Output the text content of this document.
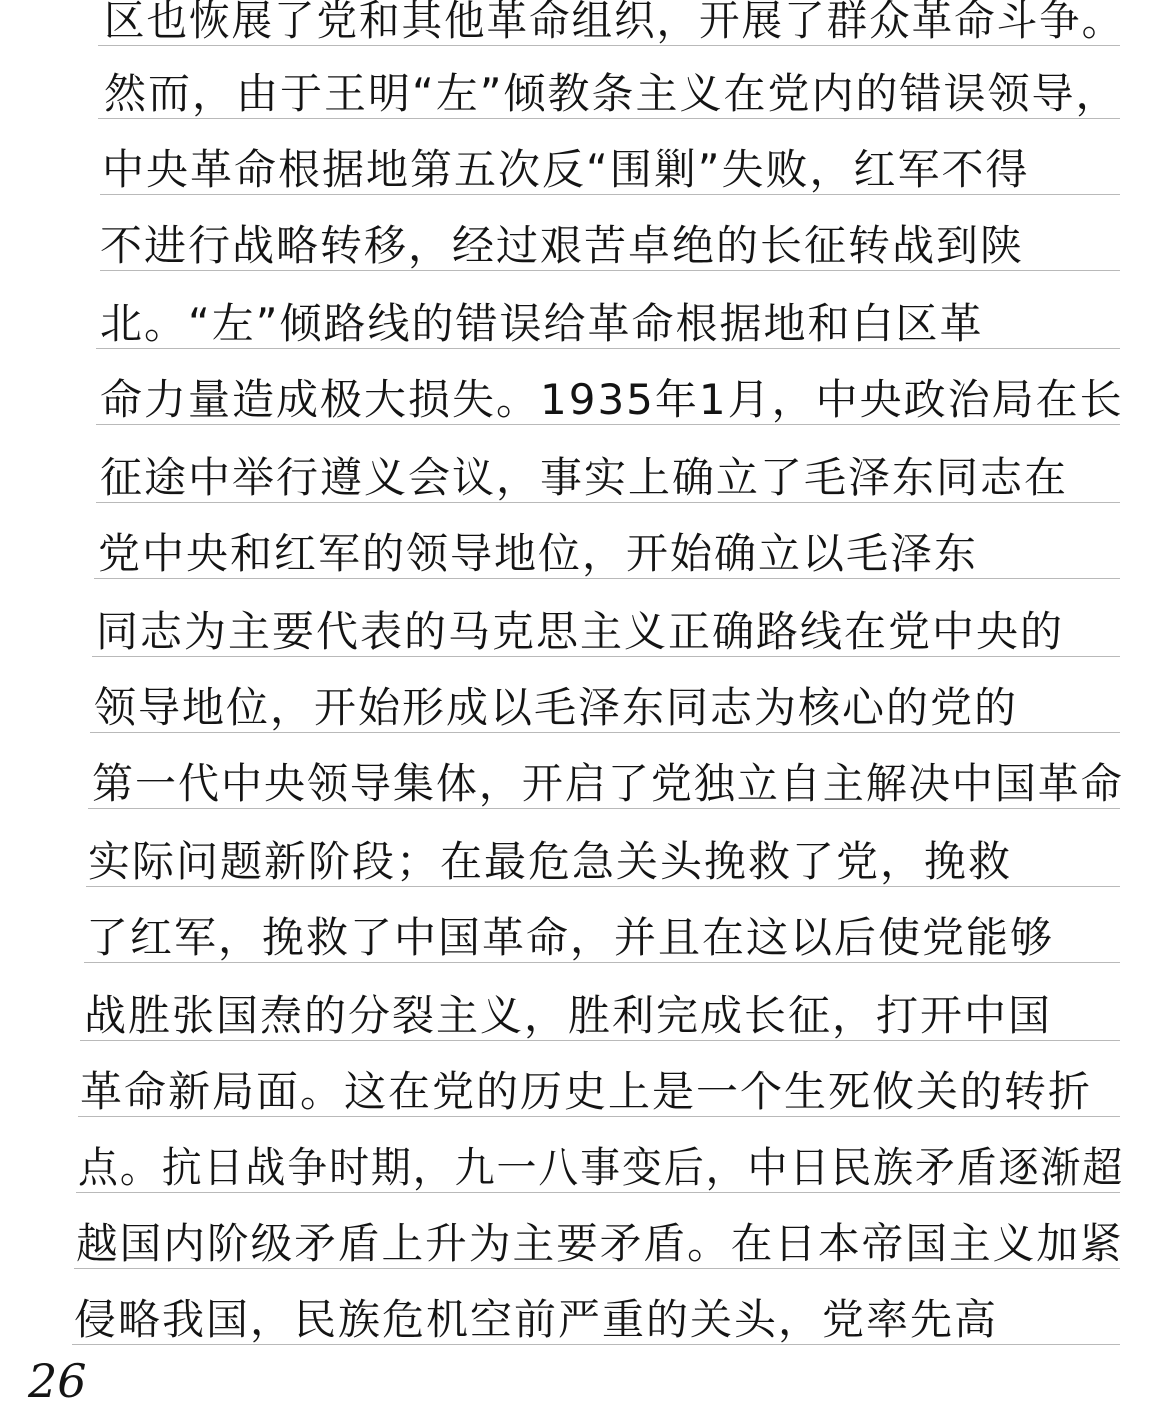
区也恢展了党和其他革命组织，开展了群众革命斗争。
然而，由于王明“左”倾教条主义在党内的错误领导，
中央革命根据地第五次反“围剿”失败，红军不得
不进行战略转移，经过艰苦卓绝的长征转战到陕
北。“左”倾路线的错误给革命根据地和白区革
命力量造成极大损失。1935年1月，中央政治局在长
征途中举行遵义会议，事实上确立了毛泽东同志在
党中央和红军的领导地位，开始确立以毛泽东
同志为主要代表的马克思主义正确路线在党中央的
领导地位，开始形成以毛泽东同志为核心的党的
第一代中央领导集体，开启了党独立自主解决中国革命
实际问题新阶段；在最危急关头挽救了党，挽救
了红军，挽救了中国革命，并且在这以后使党能够
战胜张国焘的分裂主义，胜利完成长征，打开中国
革命新局面。这在党的历史上是一个生死攸关的转折
点。抗日战争时期，九一八事变后，中日民族矛盾逐渐超
越国内阶级矛盾上升为主要矛盾。在日本帝国主义加紧
侵略我国，民族危机空前严重的关头，党率先高
26
